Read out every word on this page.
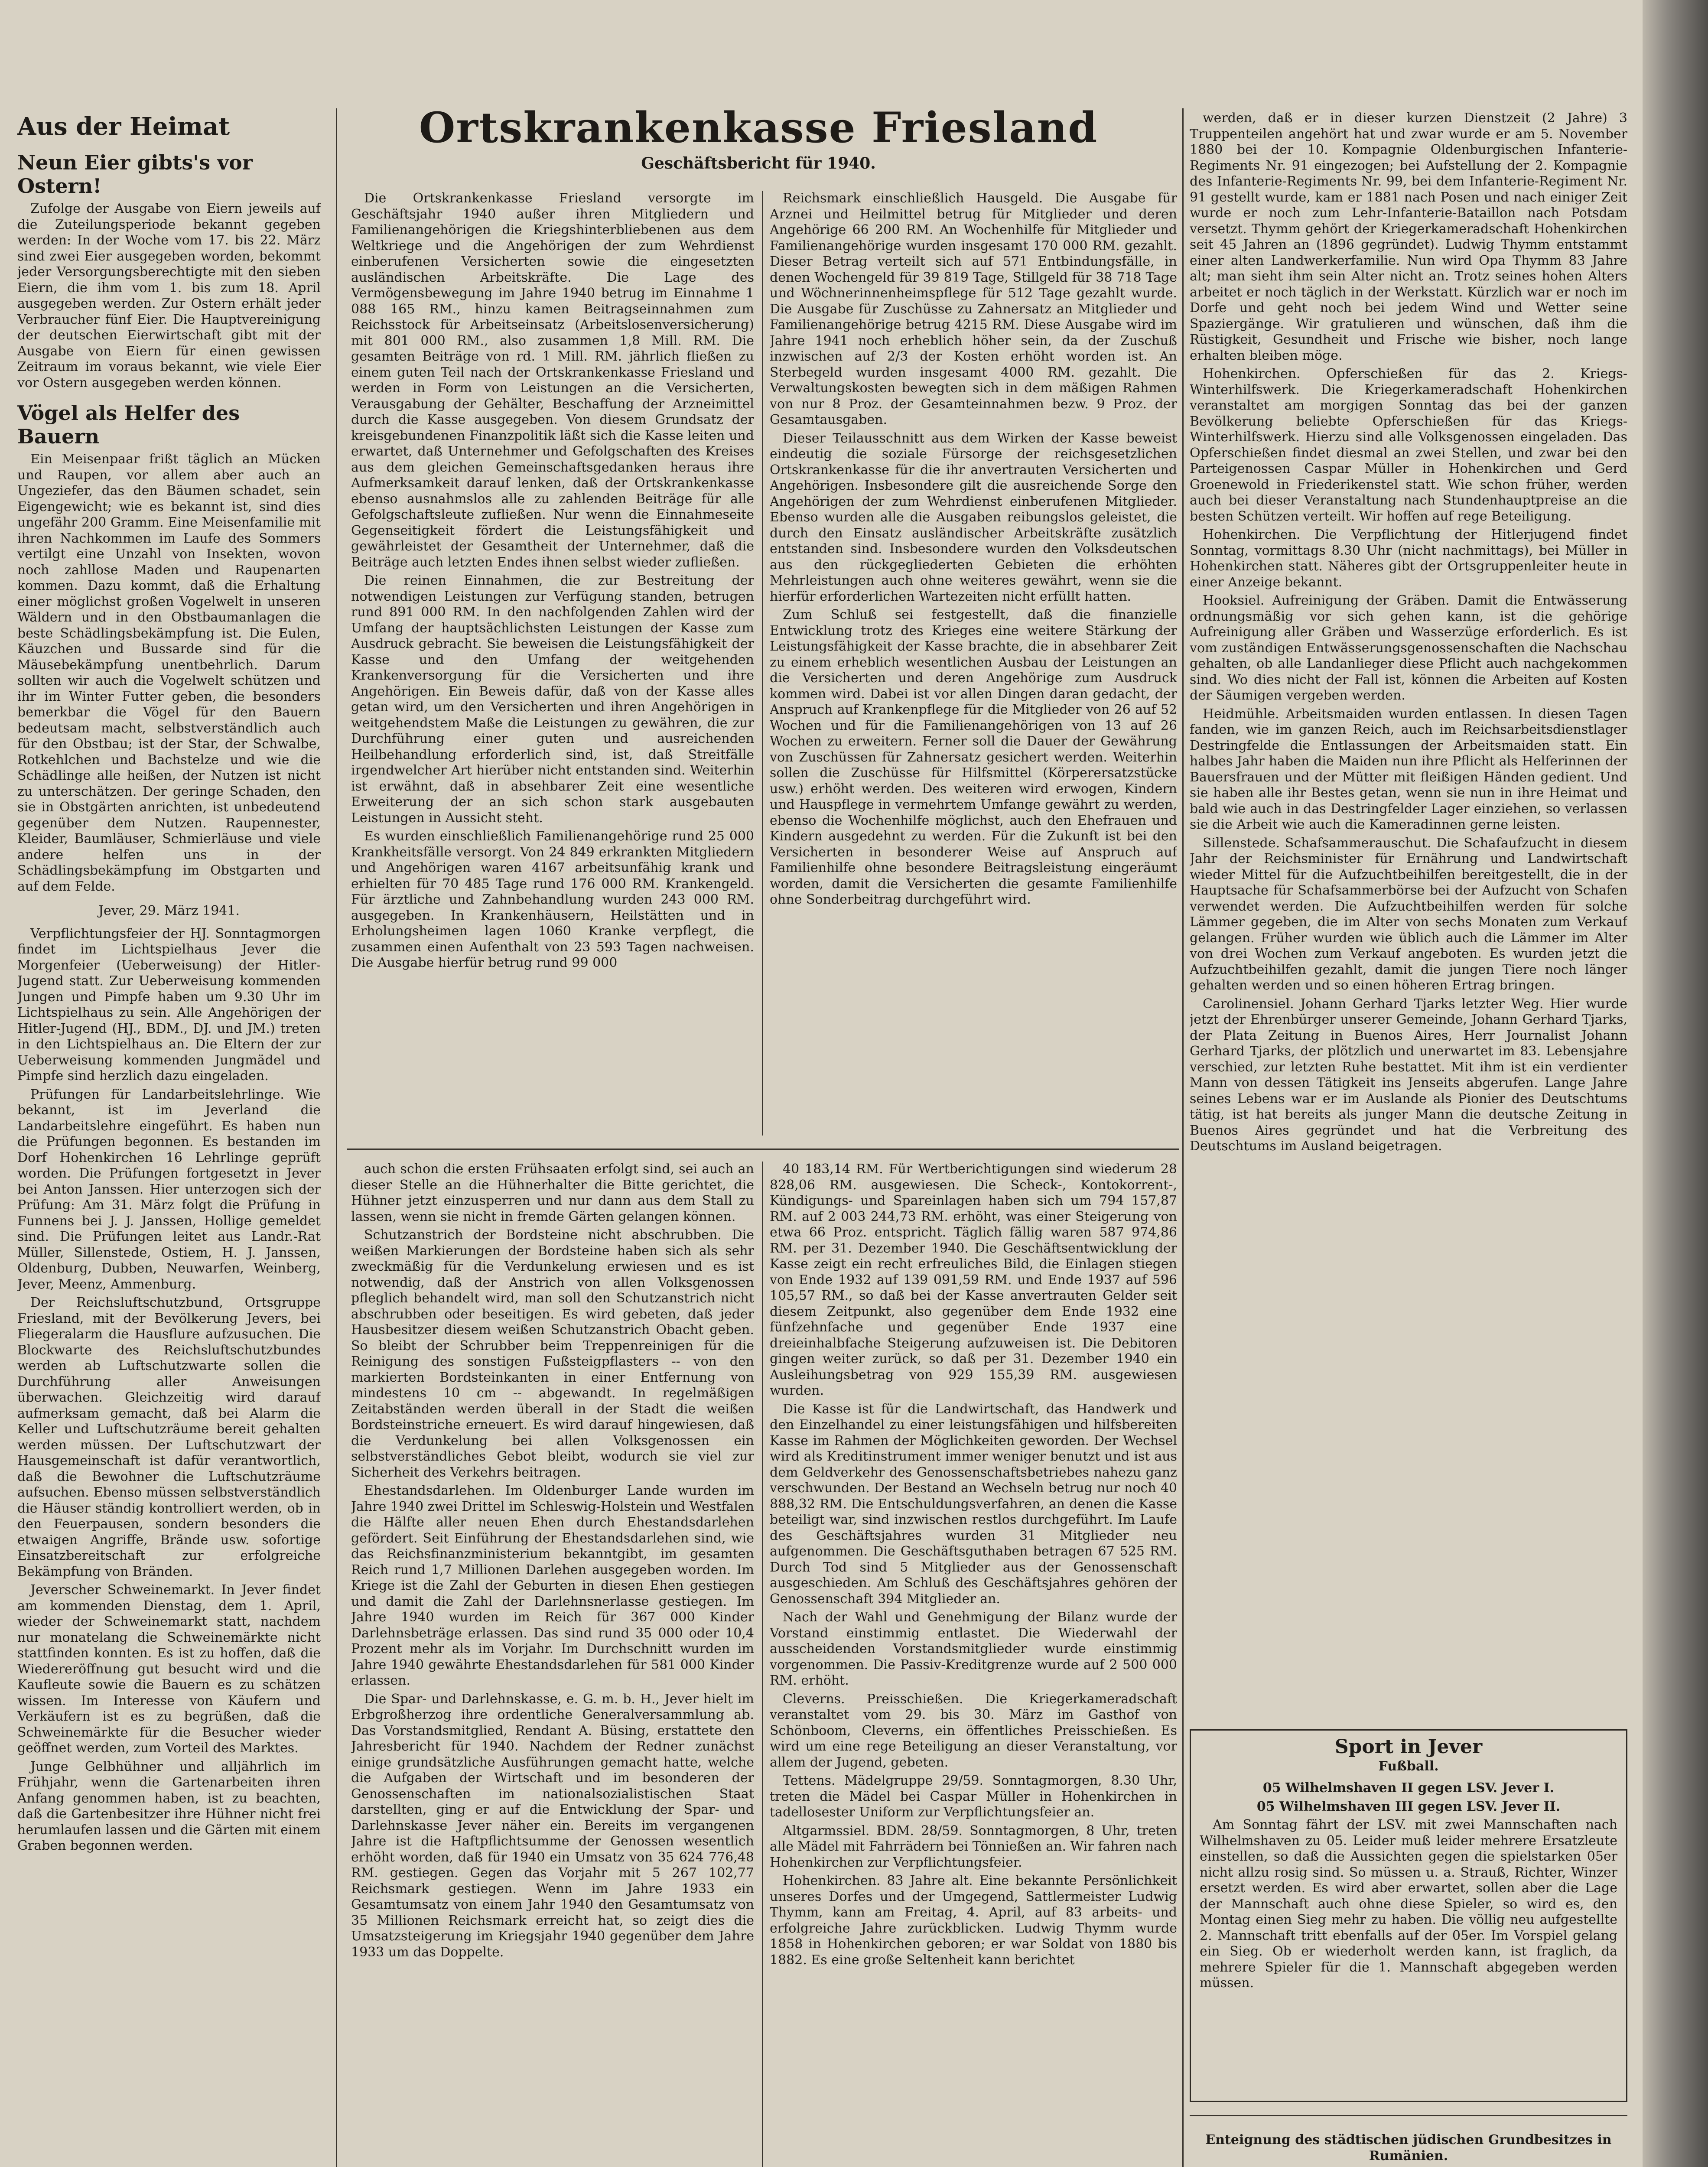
Ortskrankenkasse Friesland
Geschäftsbericht für 1940.
Aus der Heimat
Neun Eier gibts's vor Ostern!

Zufolge der Ausgabe von Eiern jeweils auf die Zuteilungsperiode bekannt gegeben werden: In der Woche vom 17. bis 22. März sind zwei Eier ausgegeben worden, bekommt jeder Versorgungsberechtigte mit den sieben Eiern, die ihm vom 1. bis zum 18. April ausgegeben werden. Zur Ostern erhält jeder Verbraucher fünf Eier. Die Hauptvereinigung der deutschen Eierwirtschaft gibt mit der Ausgabe von Eiern für einen gewissen Zeitraum im voraus bekannt, wie viele Eier vor Ostern ausgegeben werden können.

Vögel als Helfer des Bauern

Ein Meisenpaar frißt täglich an Mücken und Raupen, vor allem aber auch an Ungeziefer, das den Bäumen schadet, sein Eigengewicht; wie es bekannt ist, sind dies ungefähr 200 Gramm. Eine Meisenfamilie mit ihren Nachkommen im Laufe des Sommers vertilgt eine Unzahl von Insekten, wovon noch zahllose Maden und Raupenarten kommen. Dazu kommt, daß die Erhaltung einer möglichst großen Vogelwelt in unseren Wäldern und in den Obstbaumanlagen die beste Schädlingsbekämpfung ist. Die Eulen, Käuzchen und Bussarde sind für die Mäusebekämpfung unentbehrlich. Darum sollten wir auch die Vogelwelt schützen und ihr im Winter Futter geben, die besonders bemerkbar die Vögel für den Bauern bedeutsam macht, selbstverständlich auch für den Obstbau; ist der Star, der Schwalbe, Rotkehlchen und Bachstelze und wie die Schädlinge alle heißen, der Nutzen ist nicht zu unterschätzen. Der geringe Schaden, den sie in Obstgärten anrichten, ist unbedeutend gegenüber dem Nutzen. Raupennester, Kleider, Baumläuser, Schmierläuse und viele andere helfen uns in der Schädlingsbekämpfung im Obstgarten und auf dem Felde.

Jever, 29. März 1941.

Verpflichtungsfeier der HJ. Sonntagmorgen findet im Lichtspielhaus Jever die Morgenfeier (Ueberweisung) der Hitler-Jugend statt. Zur Ueberweisung kommenden Jungen und Pimpfe haben um 9.30 Uhr im Lichtspielhaus zu sein. Alle Angehörigen der Hitler-Jugend (HJ., BDM., DJ. und JM.) treten in den Lichtspielhaus an. Die Eltern der zur Ueberweisung kommenden Jungmädel und Pimpfe sind herzlich dazu eingeladen.

Prüfungen für Landarbeitslehrlinge. Wie bekannt, ist im Jeverland die Landarbeitslehre eingeführt. Es haben nun die Prüfungen begonnen. Es bestanden im Dorf Hohenkirchen 16 Lehrlinge geprüft worden. Die Prüfungen fortgesetzt in Jever bei Anton Janssen. Hier unterzogen sich der Prüfung: Am 31. März folgt die Prüfung in Funnens bei J. J. Janssen, Hollige gemeldet sind. Die Prüfungen leitet aus Landr.-Rat Müller, Sillenstede, Ostiem, H. J. Janssen, Oldenburg, Dubben, Neuwarfen, Weinberg, Jever, Meenz, Ammenburg.

Der Reichsluftschutzbund, Ortsgruppe Friesland, mit der Bevölkerung Jevers, bei Fliegeralarm die Hausflure aufzusuchen. Die Blockwarte des Reichsluftschutzbundes werden ab Luftschutzwarte sollen die Durchführung aller Anweisungen überwachen. Gleichzeitig wird darauf aufmerksam gemacht, daß bei Alarm die Keller und Luftschutzräume bereit gehalten werden müssen. Der Luftschutzwart der Hausgemeinschaft ist dafür verantwortlich, daß die Bewohner die Luftschutzräume aufsuchen. Ebenso müssen selbstverständlich die Häuser ständig kontrolliert werden, ob in den Feuerpausen, sondern besonders die etwaigen Angriffe, Brände usw. sofortige Einsatzbereitschaft zur erfolgreiche Bekämpfung von Bränden.

Jeverscher Schweinemarkt. In Jever findet am kommenden Dienstag, dem 1. April, wieder der Schweinemarkt statt, nachdem nur monatelang die Schweinemärkte nicht stattfinden konnten. Es ist zu hoffen, daß die Wiedereröffnung gut besucht wird und die Kaufleute sowie die Bauern es zu schätzen wissen. Im Interesse von Käufern und Verkäufern ist es zu begrüßen, daß die Schweinemärkte für die Besucher wieder geöffnet werden, zum Vorteil des Marktes.

Junge Gelbhühner und alljährlich im Frühjahr, wenn die Gartenarbeiten ihren Anfang genommen haben, ist zu beachten, daß die Gartenbesitzer ihre Hühner nicht frei herumlaufen lassen und die Gärten mit einem Graben begonnen werden.

Die Ortskrankenkasse Friesland versorgte im Geschäftsjahr 1940 außer ihren Mitgliedern und Familienangehörigen die Kriegshinterbliebenen aus dem Weltkriege und die Angehörigen der zum Wehrdienst einberufenen Versicherten sowie die eingesetzten ausländischen Arbeitskräfte. Die Lage des Vermögensbewegung im Jahre 1940 betrug im Einnahme 1 088 165 RM., hinzu kamen Beitragseinnahmen zum Reichsstock für Arbeitseinsatz (Arbeitslosenversicherung) mit 801 000 RM., also zusammen 1,8 Mill. RM. Die gesamten Beiträge von rd. 1 Mill. RM. jährlich fließen zu einem guten Teil nach der Ortskrankenkasse Friesland und werden in Form von Leistungen an die Versicherten, Verausgabung der Gehälter, Beschaffung der Arzneimittel durch die Kasse ausgegeben. Von diesem Grundsatz der kreisgebundenen Finanzpolitik läßt sich die Kasse leiten und erwartet, daß Unternehmer und Gefolgschaften des Kreises aus dem gleichen Gemeinschaftsgedanken heraus ihre Aufmerksamkeit darauf lenken, daß der Ortskrankenkasse ebenso ausnahmslos alle zu zahlenden Beiträge für alle Gefolgschaftsleute zufließen. Nur wenn die Einnahmeseite Gegenseitigkeit fördert die Leistungsfähigkeit und gewährleistet der Gesamtheit der Unternehmer, daß die Beiträge auch letzten Endes ihnen selbst wieder zufließen.

Die reinen Einnahmen, die zur Bestreitung der notwendigen Leistungen zur Verfügung standen, betrugen rund 891 000 RM. In den nachfolgenden Zahlen wird der Umfang der hauptsächlichsten Leistungen der Kasse zum Ausdruck gebracht. Sie beweisen die Leistungsfähigkeit der Kasse und den Umfang der weitgehenden Krankenversorgung für die Versicherten und ihre Angehörigen. Ein Beweis dafür, daß von der Kasse alles getan wird, um den Versicherten und ihren Angehörigen in weitgehendstem Maße die Leistungen zu gewähren, die zur Durchführung einer guten und ausreichenden Heilbehandlung erforderlich sind, ist, daß Streitfälle irgendwelcher Art hierüber nicht entstanden sind. Weiterhin ist erwähnt, daß in absehbarer Zeit eine wesentliche Erweiterung der an sich schon stark ausgebauten Leistungen in Aussicht steht.

Es wurden einschließlich Familienangehörige rund 25 000 Krankheitsfälle versorgt. Von 24 849 erkrankten Mitgliedern und Angehörigen waren 4167 arbeitsunfähig krank und erhielten für 70 485 Tage rund 176 000 RM. Krankengeld. Für ärztliche und Zahnbehandlung wurden 243 000 RM. ausgegeben. In Krankenhäusern, Heilstätten und in Erholungsheimen lagen 1060 Kranke verpflegt, die zusammen einen Aufenthalt von 23 593 Tagen nachweisen. Die Ausgabe hierfür betrug rund 99 000

Reichsmark einschließlich Hausgeld. Die Ausgabe für Arznei und Heilmittel betrug für Mitglieder und deren Angehörige 66 200 RM. An Wochenhilfe für Mitglieder und Familienangehörige wurden insgesamt 170 000 RM. gezahlt. Dieser Betrag verteilt sich auf 571 Entbindungsfälle, in denen Wochengeld für 39 819 Tage, Stillgeld für 38 718 Tage und Wöchnerinnenheimspflege für 512 Tage gezahlt wurde. Die Ausgabe für Zuschüsse zu Zahnersatz an Mitglieder und Familienangehörige betrug 4215 RM. Diese Ausgabe wird im Jahre 1941 noch erheblich höher sein, da der Zuschuß inzwischen auf 2/3 der Kosten erhöht worden ist. An Sterbegeld wurden insgesamt 4000 RM. gezahlt. Die Verwaltungskosten bewegten sich in dem mäßigen Rahmen von nur 8 Proz. der Gesamteinnahmen bezw. 9 Proz. der Gesamtausgaben.

Dieser Teilausschnitt aus dem Wirken der Kasse beweist eindeutig die soziale Fürsorge der reichsgesetzlichen Ortskrankenkasse für die ihr anvertrauten Versicherten und Angehörigen. Insbesondere gilt die ausreichende Sorge den Angehörigen der zum Wehrdienst einberufenen Mitglieder. Ebenso wurden alle die Ausgaben reibungslos geleistet, die durch den Einsatz ausländischer Arbeitskräfte zusätzlich entstanden sind. Insbesondere wurden den Volksdeutschen aus den rückgegliederten Gebieten die erhöhten Mehrleistungen auch ohne weiteres gewährt, wenn sie die hierfür erforderlichen Wartezeiten nicht erfüllt hatten.

Zum Schluß sei festgestellt, daß die finanzielle Entwicklung trotz des Krieges eine weitere Stärkung der Leistungsfähigkeit der Kasse brachte, die in absehbarer Zeit zu einem erheblich wesentlichen Ausbau der Leistungen an die Versicherten und deren Angehörige zum Ausdruck kommen wird. Dabei ist vor allen Dingen daran gedacht, der Anspruch auf Krankenpflege für die Mitglieder von 26 auf 52 Wochen und für die Familienangehörigen von 13 auf 26 Wochen zu erweitern. Ferner soll die Dauer der Gewährung von Zuschüssen für Zahnersatz gesichert werden. Weiterhin sollen die Zuschüsse für Hilfsmittel (Körperersatzstücke usw.) erhöht werden. Des weiteren wird erwogen, Kindern und Hauspflege in vermehrtem Umfange gewährt zu werden, ebenso die Wochenhilfe möglichst, auch den Ehefrauen und Kindern ausgedehnt zu werden. Für die Zukunft ist bei den Versicherten in besonderer Weise auf Anspruch auf Familienhilfe ohne besondere Beitragsleistung eingeräumt worden, damit die Versicherten die gesamte Familienhilfe ohne Sonderbeitrag durchgeführt wird.

werden, daß er in dieser kurzen Dienstzeit (2 Jahre) 3 Truppenteilen angehört hat und zwar wurde er am 5. November 1880 bei der 10. Kompagnie Oldenburgischen Infanterie-Regiments Nr. 91 eingezogen; bei Aufstellung der 2. Kompagnie des Infanterie-Regiments Nr. 99, bei dem Infanterie-Regiment Nr. 91 gestellt wurde, kam er 1881 nach Posen und nach einiger Zeit wurde er noch zum Lehr-Infanterie-Bataillon nach Potsdam versetzt. Thymm gehört der Kriegerkameradschaft Hohenkirchen seit 45 Jahren an (1896 gegründet). Ludwig Thymm entstammt einer alten Landwerkerfamilie. Nun wird Opa Thymm 83 Jahre alt; man sieht ihm sein Alter nicht an. Trotz seines hohen Alters arbeitet er noch täglich in der Werkstatt. Kürzlich war er noch im Dorfe und geht noch bei jedem Wind und Wetter seine Spaziergänge. Wir gratulieren und wünschen, daß ihm die Rüstigkeit, Gesundheit und Frische wie bisher, noch lange erhalten bleiben möge.

Hohenkirchen. Opferschießen für das 2. Kriegs-Winterhilfswerk. Die Kriegerkameradschaft Hohenkirchen veranstaltet am morgigen Sonntag das bei der ganzen Bevölkerung beliebte Opferschießen für das Kriegs-Winterhilfswerk. Hierzu sind alle Volksgenossen eingeladen. Das Opferschießen findet diesmal an zwei Stellen, und zwar bei den Parteigenossen Caspar Müller in Hohenkirchen und Gerd Groenewold in Friederikenstel statt. Wie schon früher, werden auch bei dieser Veranstaltung nach Stundenhauptpreise an die besten Schützen verteilt. Wir hoffen auf rege Beteiligung.

Hohenkirchen. Die Verpflichtung der Hitlerjugend findet Sonntag, vormittags 8.30 Uhr (nicht nachmittags), bei Müller in Hohenkirchen statt. Näheres gibt der Ortsgruppenleiter heute in einer Anzeige bekannt.

Hooksiel. Aufreinigung der Gräben. Damit die Entwässerung ordnungsmäßig vor sich gehen kann, ist die gehörige Aufreinigung aller Gräben und Wasserzüge erforderlich. Es ist vom zuständigen Entwässerungsgenossenschaften die Nachschau gehalten, ob alle Landanlieger diese Pflicht auch nachgekommen sind. Wo dies nicht der Fall ist, können die Arbeiten auf Kosten der Säumigen vergeben werden.

Heidmühle. Arbeitsmaiden wurden entlassen. In diesen Tagen fanden, wie im ganzen Reich, auch im Reichsarbeitsdienstlager Destringfelde die Entlassungen der Arbeitsmaiden statt. Ein halbes Jahr haben die Maiden nun ihre Pflicht als Helferinnen der Bauersfrauen und der Mütter mit fleißigen Händen gedient. Und sie haben alle ihr Bestes getan, wenn sie nun in ihre Heimat und bald wie auch in das Destringfelder Lager einziehen, so verlassen sie die Arbeit wie auch die Kameradinnen gerne leisten.

Sillenstede. Schafsammerauschut. Die Schafaufzucht in diesem Jahr der Reichsminister für Ernährung und Landwirtschaft wieder Mittel für die Aufzuchtbeihilfen bereitgestellt, die in der Hauptsache für Schafsammerbörse bei der Aufzucht von Schafen verwendet werden. Die Aufzuchtbeihilfen werden für solche Lämmer gegeben, die im Alter von sechs Monaten zum Verkauf gelangen. Früher wurden wie üblich auch die Lämmer im Alter von drei Wochen zum Verkauf angeboten. Es wurden jetzt die Aufzuchtbeihilfen gezahlt, damit die jungen Tiere noch länger gehalten werden und so einen höheren Ertrag bringen.

Carolinensiel. Johann Gerhard Tjarks letzter Weg. Hier wurde jetzt der Ehrenbürger unserer Gemeinde, Johann Gerhard Tjarks, der Plata Zeitung in Buenos Aires, Herr Journalist Johann Gerhard Tjarks, der plötzlich und unerwartet im 83. Lebensjahre verschied, zur letzten Ruhe bestattet. Mit ihm ist ein verdienter Mann von dessen Tätigkeit ins Jenseits abgerufen. Lange Jahre seines Lebens war er im Auslande als Pionier des Deutschtums tätig, ist hat bereits als junger Mann die deutsche Zeitung in Buenos Aires gegründet und hat die Verbreitung des Deutschtums im Ausland beigetragen.

auch schon die ersten Frühsaaten erfolgt sind, sei auch an dieser Stelle an die Hühnerhalter die Bitte gerichtet, die Hühner jetzt einzusperren und nur dann aus dem Stall zu lassen, wenn sie nicht in fremde Gärten gelangen können.

Schutzanstrich der Bordsteine nicht abschrubben. Die weißen Markierungen der Bordsteine haben sich als sehr zweckmäßig für die Verdunkelung erwiesen und es ist notwendig, daß der Anstrich von allen Volksgenossen pfleglich behandelt wird, man soll den Schutzanstrich nicht abschrubben oder beseitigen. Es wird gebeten, daß jeder Hausbesitzer diesem weißen Schutzanstrich Obacht geben. So bleibt der Schrubber beim Treppenreinigen für die Reinigung des sonstigen Fußsteigpflasters -- von den markierten Bordsteinkanten in einer Entfernung von mindestens 10 cm -- abgewandt. In regelmäßigen Zeitabständen werden überall in der Stadt die weißen Bordsteinstriche erneuert. Es wird darauf hingewiesen, daß die Verdunkelung bei allen Volksgenossen ein selbstverständliches Gebot bleibt, wodurch sie viel zur Sicherheit des Verkehrs beitragen.

Ehestandsdarlehen. Im Oldenburger Lande wurden im Jahre 1940 zwei Drittel im Schleswig-Holstein und Westfalen die Hälfte aller neuen Ehen durch Ehestandsdarlehen gefördert. Seit Einführung der Ehestandsdarlehen sind, wie das Reichsfinanzministerium bekanntgibt, im gesamten Reich rund 1,7 Millionen Darlehen ausgegeben worden. Im Kriege ist die Zahl der Geburten in diesen Ehen gestiegen und damit die Zahl der Darlehnsnerlasse gestiegen. Im Jahre 1940 wurden im Reich für 367 000 Kinder Darlehnsbeträge erlassen. Das sind rund 35 000 oder 10,4 Prozent mehr als im Vorjahr. Im Durchschnitt wurden im Jahre 1940 gewährte Ehestandsdarlehen für 581 000 Kinder erlassen.

Die Spar- und Darlehnskasse, e. G. m. b. H., Jever hielt im Erbgroßherzog ihre ordentliche Generalversammlung ab. Das Vorstandsmitglied, Rendant A. Büsing, erstattete den Jahresbericht für 1940. Nachdem der Redner zunächst einige grundsätzliche Ausführungen gemacht hatte, welche die Aufgaben der Wirtschaft und im besonderen der Genossenschaften im nationalsozialistischen Staat darstellten, ging er auf die Entwicklung der Spar- und Darlehnskasse Jever näher ein. Bereits im vergangenen Jahre ist die Haftpflichtsumme der Genossen wesentlich erhöht worden, daß für 1940 ein Umsatz von 35 624 776,48 RM. gestiegen. Gegen das Vorjahr mit 5 267 102,77 Reichsmark gestiegen. Wenn im Jahre 1933 ein Gesamtumsatz von einem Jahr 1940 den Gesamtumsatz von 35 Millionen Reichsmark erreicht hat, so zeigt dies die Umsatzsteigerung im Kriegsjahr 1940 gegenüber dem Jahre 1933 um das Doppelte.

40 183,14 RM. Für Wertberichtigungen sind wiederum 28 828,06 RM. ausgewiesen. Die Scheck-, Kontokorrent-, Kündigungs- und Spareinlagen haben sich um 794 157,87 RM. auf 2 003 244,73 RM. erhöht, was einer Steigerung von etwa 66 Proz. entspricht. Täglich fällig waren 587 974,86 RM. per 31. Dezember 1940. Die Geschäftsentwicklung der Kasse zeigt ein recht erfreuliches Bild, die Einlagen stiegen von Ende 1932 auf 139 091,59 RM. und Ende 1937 auf 596 105,57 RM., so daß bei der Kasse anvertrauten Gelder seit diesem Zeitpunkt, also gegenüber dem Ende 1932 eine fünfzehnfache und gegenüber Ende 1937 eine dreieinhalbfache Steigerung aufzuweisen ist. Die Debitoren gingen weiter zurück, so daß per 31. Dezember 1940 ein Ausleihungsbetrag von 929 155,39 RM. ausgewiesen wurden.

Die Kasse ist für die Landwirtschaft, das Handwerk und den Einzelhandel zu einer leistungsfähigen und hilfsbereiten Kasse im Rahmen der Möglichkeiten geworden. Der Wechsel wird als Kreditinstrument immer weniger benutzt und ist aus dem Geldverkehr des Genossenschaftsbetriebes nahezu ganz verschwunden. Der Bestand an Wechseln betrug nur noch 40 888,32 RM. Die Entschuldungsverfahren, an denen die Kasse beteiligt war, sind inzwischen restlos durchgeführt. Im Laufe des Geschäftsjahres wurden 31 Mitglieder neu aufgenommen. Die Geschäftsguthaben betragen 67 525 RM. Durch Tod sind 5 Mitglieder aus der Genossenschaft ausgeschieden. Am Schluß des Geschäftsjahres gehören der Genossenschaft 394 Mitglieder an.

Nach der Wahl und Genehmigung der Bilanz wurde der Vorstand einstimmig entlastet. Die Wiederwahl der ausscheidenden Vorstandsmitglieder wurde einstimmig vorgenommen. Die Passiv-Kreditgrenze wurde auf 2 500 000 RM. erhöht.

Cleverns. Preisschießen. Die Kriegerkameradschaft veranstaltet vom 29. bis 30. März im Gasthof von Schönboom, Cleverns, ein öffentliches Preisschießen. Es wird um eine rege Beteiligung an dieser Veranstaltung, vor allem der Jugend, gebeten.

Tettens. Mädelgruppe 29/59. Sonntagmorgen, 8.30 Uhr, treten die Mädel bei Caspar Müller in Hohenkirchen in tadellosester Uniform zur Verpflichtungsfeier an.

Altgarmssiel. BDM. 28/59. Sonntagmorgen, 8 Uhr, treten alle Mädel mit Fahrrädern bei Tönnießen an. Wir fahren nach Hohenkirchen zur Verpflichtungsfeier.

Hohenkirchen. 83 Jahre alt. Eine bekannte Persönlichkeit unseres Dorfes und der Umgegend, Sattlermeister Ludwig Thymm, kann am Freitag, 4. April, auf 83 arbeits- und erfolgreiche Jahre zurückblicken. Ludwig Thymm wurde 1858 in Hohenkirchen geboren; er war Soldat von 1880 bis 1882. Es eine große Seltenheit kann berichtet

Sport in Jever
Fußball.

05 Wilhelmshaven II gegen LSV. Jever I.

05 Wilhelmshaven III gegen LSV. Jever II.

Am Sonntag fährt der LSV. mit zwei Mannschaften nach Wilhelmshaven zu 05. Leider muß leider mehrere Ersatzleute einstellen, so daß die Aussichten gegen die spielstarken 05er nicht allzu rosig sind. So müssen u. a. Strauß, Richter, Winzer ersetzt werden. Es wird aber erwartet, sollen aber die Lage der Mannschaft auch ohne diese Spieler, so wird es, den Montag einen Sieg mehr zu haben. Die völlig neu aufgestellte 2. Mannschaft tritt ebenfalls auf der 05er. Im Vorspiel gelang ein Sieg. Ob er wiederholt werden kann, ist fraglich, da mehrere Spieler für die 1. Mannschaft abgegeben werden müssen.

Enteignung des städtischen jüdischen Grundbesitzes in Rumänien.
